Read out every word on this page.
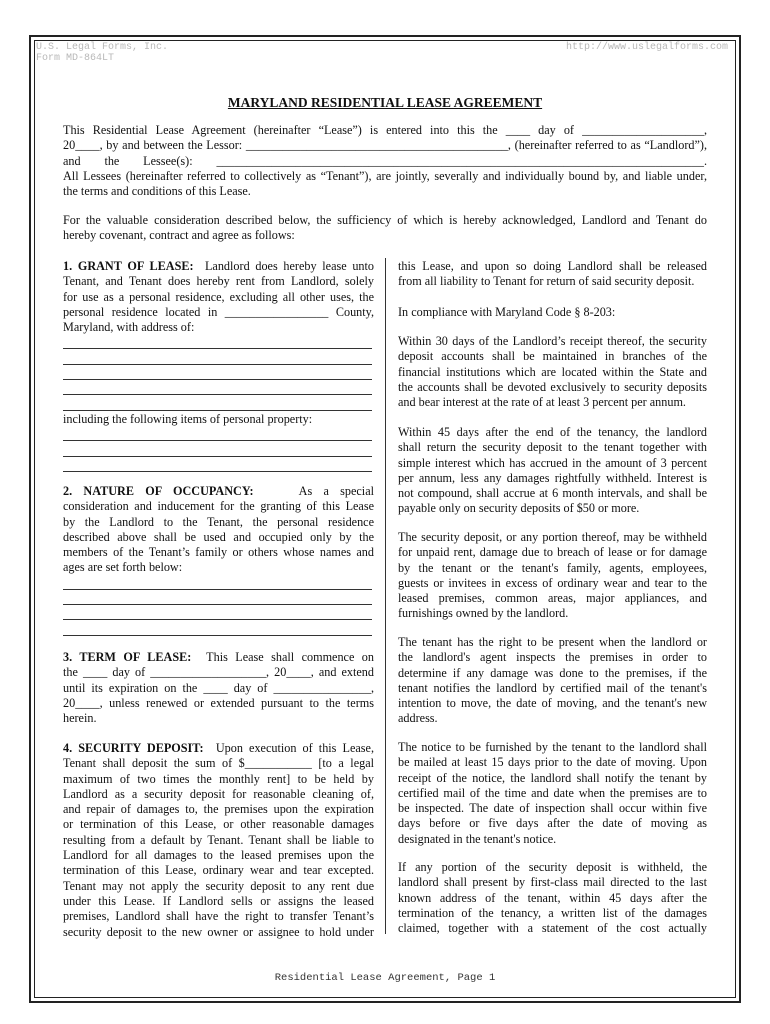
U.S. Legal Forms, Inc.
Form MD-864LT
http://www.uslegalforms.com
MARYLAND RESIDENTIAL LEASE AGREEMENT
This Residential Lease Agreement (hereinafter “Lease”) is entered into this the ____ day of ____________________,
20____, by and between the Lessor: ___________________________________________, (hereinafter referred to as “Landlord”),
and the Lessee(s): ________________________________________________________________________________.
All Lessees (hereinafter referred to collectively as “Tenant”), are jointly, severally and individually bound by, and liable under,
the terms and conditions of this Lease.
For the valuable consideration described below, the sufficiency of which is hereby acknowledged, Landlord and Tenant do
hereby covenant, contract and agree as follows:
1. GRANT OF LEASE: Landlord does hereby lease unto
Tenant, and Tenant does hereby rent from Landlord, solely
for use as a personal residence, excluding all other uses, the
personal residence located in _________________ County,
Maryland, with address of:
including the following items of personal property:
2. NATURE OF OCCUPANCY:	As a special
consideration and inducement for the granting of this Lease
by the Landlord to the Tenant, the personal residence
described above shall be used and occupied only by the
members of the Tenant’s family or others whose names and
ages are set forth below:
3. TERM OF LEASE: This Lease shall commence on
the ____ day of ___________________, 20____, and extend
until its expiration on the ____ day of ________________,
20____, unless renewed or extended pursuant to the terms
herein.
4. SECURITY DEPOSIT: Upon execution of this Lease,
Tenant shall deposit the sum of $___________ [to a legal
maximum of two times the monthly rent] to be held by
Landlord as a security deposit for reasonable cleaning of,
and repair of damages to, the premises upon the expiration
or termination of this Lease, or other reasonable damages
resulting from a default by Tenant. Tenant shall be liable to
Landlord for all damages to the leased premises upon the
termination of this Lease, ordinary wear and tear excepted.
Tenant may not apply the security deposit to any rent due
under this Lease. If Landlord sells or assigns the leased
premises, Landlord shall have the right to transfer Tenant’s
security deposit to the new owner or assignee to hold under
this Lease, and upon so doing Landlord shall be released
from all liability to Tenant for return of said security deposit.
In compliance with Maryland Code § 8-203:
Within 30 days of the Landlord’s receipt thereof, the security
deposit accounts shall be maintained in branches of the
financial institutions which are located within the State and
the accounts shall be devoted exclusively to security deposits
and bear interest at the rate of at least 3 percent per annum.
Within 45 days after the end of the tenancy, the landlord
shall return the security deposit to the tenant together with
simple interest which has accrued in the amount of 3 percent
per annum, less any damages rightfully withheld. Interest is
not compound, shall accrue at 6 month intervals, and shall be
payable only on security deposits of $50 or more.
The security deposit, or any portion thereof, may be withheld
for unpaid rent, damage due to breach of lease or for damage
by the tenant or the tenant's family, agents, employees,
guests or invitees in excess of ordinary wear and tear to the
leased premises, common areas, major appliances, and
furnishings owned by the landlord.
The tenant has the right to be present when the landlord or
the landlord's agent inspects the premises in order to
determine if any damage was done to the premises, if the
tenant notifies the landlord by certified mail of the tenant's
intention to move, the date of moving, and the tenant's new
address.
The notice to be furnished by the tenant to the landlord shall
be mailed at least 15 days prior to the date of moving. Upon
receipt of the notice, the landlord shall notify the tenant by
certified mail of the time and date when the premises are to
be inspected. The date of inspection shall occur within five
days before or five days after the date of moving as
designated in the tenant's notice.
If any portion of the security deposit is withheld, the
landlord shall present by first-class mail directed to the last
known address of the tenant, within 45 days after the
termination of the tenancy, a written list of the damages
claimed, together with a statement of the cost actually
Residential Lease Agreement, Page 1
